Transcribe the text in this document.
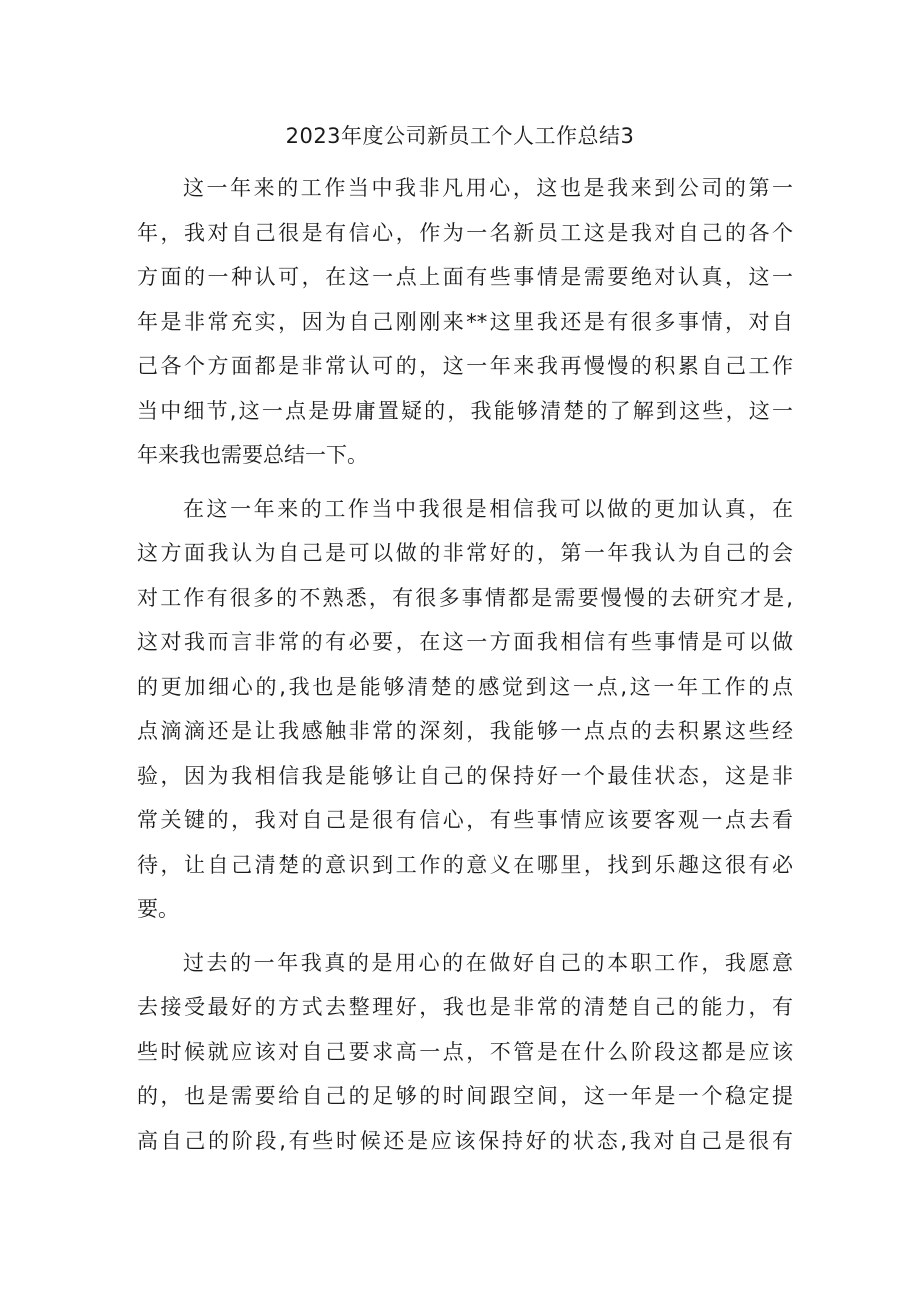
2023年度公司新员工个人工作总结3
这一年来的工作当中我非凡用心，这也是我来到公司的第一
年，我对自己很是有信心，作为一名新员工这是我对自己的各个
方面的一种认可，在这一点上面有些事情是需要绝对认真，这一
年是非常充实，因为自己刚刚来**这里我还是有很多事情，对自
己各个方面都是非常认可的，这一年来我再慢慢的积累自己工作
当中细节,这一点是毋庸置疑的，我能够清楚的了解到这些，这一
年来我也需要总结一下。
在这一年来的工作当中我很是相信我可以做的更加认真，在
这方面我认为自己是可以做的非常好的，第一年我认为自己的会
对工作有很多的不熟悉，有很多事情都是需要慢慢的去研究才是,
这对我而言非常的有必要，在这一方面我相信有些事情是可以做
的更加细心的,我也是能够清楚的感觉到这一点,这一年工作的点
点滴滴还是让我感触非常的深刻，我能够一点点的去积累这些经
验，因为我相信我是能够让自己的保持好一个最佳状态，这是非
常关键的，我对自己是很有信心，有些事情应该要客观一点去看
待，让自己清楚的意识到工作的意义在哪里，找到乐趣这很有必
要。
过去的一年我真的是用心的在做好自己的本职工作，我愿意
去接受最好的方式去整理好，我也是非常的清楚自己的能力，有
些时候就应该对自己要求高一点，不管是在什么阶段这都是应该
的，也是需要给自己的足够的时间跟空间，这一年是一个稳定提
高自己的阶段,有些时候还是应该保持好的状态,我对自己是很有
